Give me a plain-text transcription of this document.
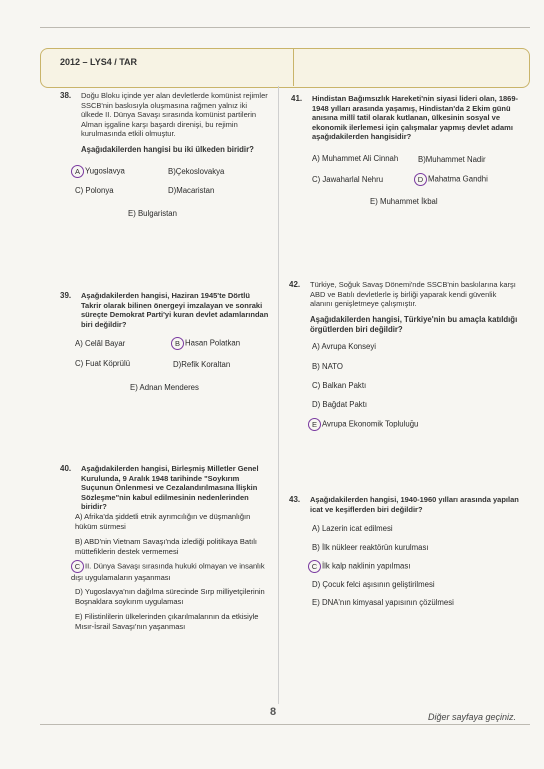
2012 – LYS4 / TAR
38. Doğu Bloku içinde yer alan devletlerde komünist rejimler SSCB'nin baskısıyla oluşmasına rağmen yalnız iki ülkede II. Dünya Savaşı sırasında komünist partilerin Alman işgaline karşı başardı direnişi, bu rejimin kurulmasında etkili olmuştur.
Aşağıdakilerden hangisi bu iki ülkeden biridir?
A Yugoslavya	B)Çekoslovakya
C) Polonya	D)Macaristan
E) Bulgaristan
39. Aşağıdakilerden hangisi, Haziran 1945'te Dörtlü Takrir olarak bilinen önergeyi imzalayan ve sonraki süreçte Demokrat Parti'yi kuran devlet adamlarından biri değildir?
A) Celâl Bayar	B Hasan Polatkan
C) Fuat Köprülü	D)Refik Koraltan
E) Adnan Menderes
40. Aşağıdakilerden hangisi, Birleşmiş Milletler Genel Kurulunda, 9 Aralık 1948 tarihinde "Soykırım Suçunun Önlenmesi ve Cezalandırılmasına İlişkin Sözleşme"nin kabul edilmesinin nedenlerinden biridir?
A) Afrika'da şiddetli etnik ayrımcılığın ve düşmanlığın hüküm sürmesi
B) ABD'nin Vietnam Savaşı'nda izlediği politikaya Batılı müttefiklerin destek vermemesi
C II. Dünya Savaşı sırasında hukuki olmayan ve insanlık dışı uygulamaların yaşanması
D) Yugoslavya'nın dağılma sürecinde Sırp milliyetçilerinin Boşnaklara soykırım uygulaması
E) Filistinlilerin ülkelerinden çıkarılmalarının da etkisiyle Mısır-İsrail Savaşı'nın yaşanması
41. Hindistan Bağımsızlık Hareketi'nin siyasi lideri olan, 1869-1948 yılları arasında yaşamış, Hindistan'da 2 Ekim günü anısına millî tatil olarak kutlanan, ülkesinin sosyal ve ekonomik ilerlemesi için çalışmalar yapmış devlet adamı aşağıdakilerden hangisidir?
A) Muhammet Ali Cinnah	B)Muhammet Nadir
C) Jawaharlal Nehru	D Mahatma Gandhi
E) Muhammet İkbal
42. Türkiye, Soğuk Savaş Dönemi'nde SSCB'nin baskılarına karşı ABD ve Batılı devletlerle iş birliği yaparak kendi güvenlik alanını genişletmeye çalışmıştır.
Aşağıdakilerden hangisi, Türkiye'nin bu amaçla katıldığı örgütlerden biri değildir?
A) Avrupa Konseyi
B) NATO
C) Balkan Paktı
D) Bağdat Paktı
E Avrupa Ekonomik Topluluğu
43. Aşağıdakilerden hangisi, 1940-1960 yılları arasında yapılan icat ve keşiflerden biri değildir?
A) Lazerin icat edilmesi
B) İlk nükleer reaktörün kurulması
C İlk kalp naklinin yapılması
D) Çocuk felci aşısının geliştirilmesi
E) DNA'nın kimyasal yapısının çözülmesi
8	Diğer sayfaya geçiniz.
